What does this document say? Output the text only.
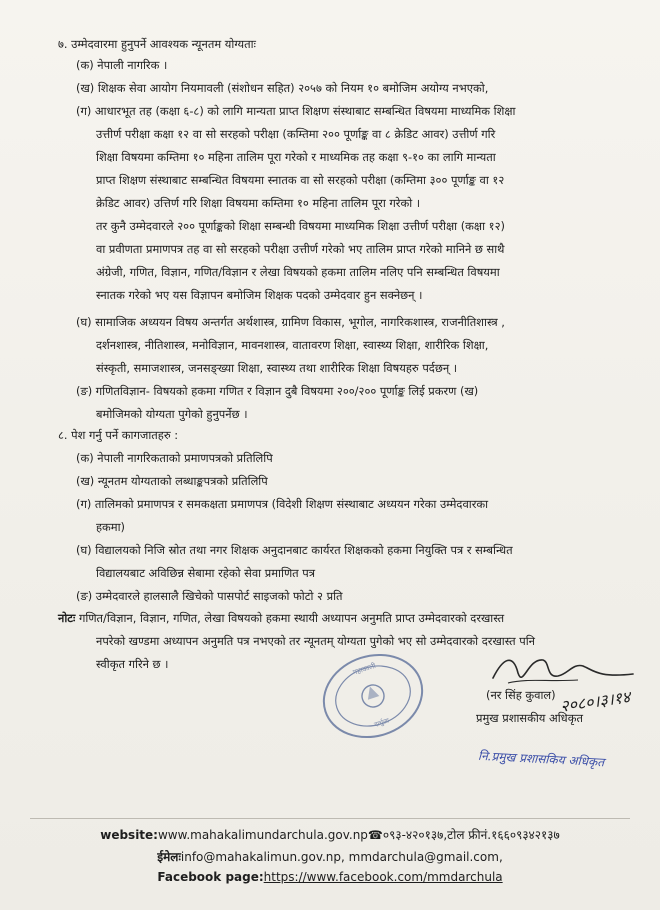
७. उम्मेदवारमा हुनुपर्ने आवश्यक न्यूनतम योग्यताः
(क) नेपाली नागरिक ।
(ख) शिक्षक सेवा आयोग नियमावली (संशोधन सहित) २०५७ को नियम १० बमोजिम अयोग्य नभएको,
(ग) आधारभूत तह (कक्षा ६-८) को लागि मान्यता प्राप्त शिक्षण संस्थाबाट सम्बन्धित विषयमा माध्यमिक शिक्षा
उत्तीर्ण परीक्षा कक्षा १२ वा सो सरहको परीक्षा (कम्तिमा २०० पूर्णाङ्क वा ८ क्रेडिट आवर) उत्तीर्ण गरि
शिक्षा विषयमा कम्तिमा १० महिना तालिम पूरा गरेको र माध्यमिक तह कक्षा ९-१० का लागि मान्यता
प्राप्त शिक्षण संस्थाबाट सम्बन्धित विषयमा स्नातक वा सो सरहको परीक्षा (कम्तिमा ३०० पूर्णाङ्क वा १२
क्रेडिट आवर) उत्तिर्ण गरि शिक्षा विषयमा कम्तिमा १० महिना तालिम पूरा गरेको ।
तर कुनै उम्मेदवारले २०० पूर्णाङ्कको शिक्षा सम्बन्धी विषयमा माध्यमिक शिक्षा उत्तीर्ण परीक्षा (कक्षा १२)
वा प्रवीणता प्रमाणपत्र तह वा सो सरहको परीक्षा उत्तीर्ण गरेको भए तालिम प्राप्त गरेको मानिने छ साथै
अंग्रेजी, गणित, विज्ञान, गणित/विज्ञान र लेखा विषयको हकमा तालिम नलिए पनि सम्बन्धित विषयमा
स्नातक गरेको भए यस विज्ञापन बमोजिम शिक्षक पदको उम्मेदवार हुन सक्नेछन् ।
(घ) सामाजिक अध्ययन विषय अन्तर्गत अर्थशास्त्र, ग्रामिण विकास, भूगोल, नागरिकशास्त्र, राजनीतिशास्त्र ,
दर्शनशास्त्र, नीतिशास्त्र, मनोविज्ञान, मावनशास्त्र, वातावरण शिक्षा, स्वास्थ्य शिक्षा, शारीरिक शिक्षा,
संस्कृती, समाजशास्त्र, जनसङ्ख्या शिक्षा, स्वास्थ्य तथा शारीरिक शिक्षा विषयहरु पर्दछन् ।
(ङ) गणितविज्ञान- विषयको हकमा गणित र विज्ञान दुबै विषयमा २००/२०० पूर्णाङ्क लिई प्रकरण (ख)
बमोजिमको योग्यता पुगेको हुनुपर्नेछ ।
८. पेश गर्नु पर्ने कागजातहरु :
(क) नेपाली नागरिकताको प्रमाणपत्रको प्रतिलिपि
(ख) न्यूनतम योग्यताको लब्धाङ्कपत्रको प्रतिलिपि
(ग) तालिमको प्रमाणपत्र र समकक्षता प्रमाणपत्र (विदेशी शिक्षण संस्थाबाट अध्ययन गरेका उम्मेदवारका
हकमा)
(घ) विद्यालयको निजि स्रोत तथा नगर शिक्षक अनुदानबाट कार्यरत शिक्षकको हकमा नियुक्ति पत्र र सम्बन्धित
विद्यालयबाट अविछिन्न सेबामा रहेको सेवा प्रमाणित पत्र
(ङ) उम्मेदवारले हालसालै खिचेको पासपोर्ट साइजको फोटो २ प्रति
नोटः गणित/विज्ञान, विज्ञान, गणित, लेखा विषयको हकमा स्थायी अध्यापन अनुमति प्राप्त उम्मेदवारको दरखास्त
नपरेको खण्डमा अध्यापन अनुमति पत्र नभएको तर न्यूनतम् योग्यता पुगेको भए सो उम्मेदवारको दरखास्त पनि
स्वीकृत गरिने छ ।	महाकाली
दार्चुला
(नर सिंह कुवाल) २०८०।३।१४
प्रमुख प्रशासकीय अधिकृत
नि.प्रमुख प्रशासकिय अधिकृत
website:www.mahakalimundarchula.gov.np☎०९३-४२०१३७,टोल फ्रीनं.१६६०९३४२१३७
ईमेलःinfo@mahakalimun.gov.np, mmdarchula@gmail.com,
Facebook page:https://www.facebook.com/mmdarchula
